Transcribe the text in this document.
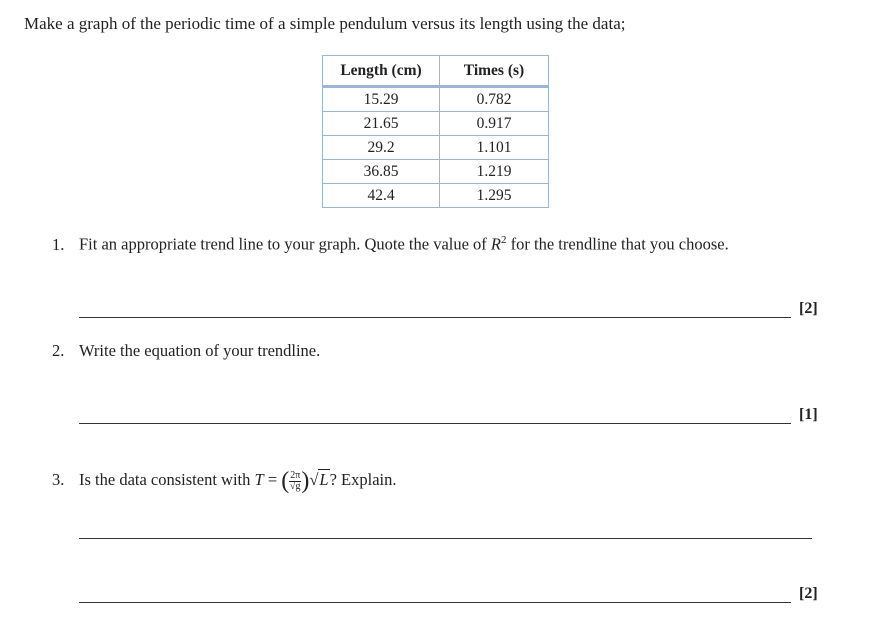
Make a graph of the periodic time of a simple pendulum versus its length using the data;
Length (cm)	Times (s)
15.29	0.782
21.65	0.917
29.2	1.101
36.85	1.219
42.4	1.295
1. Fit an appropriate trend line to your graph. Quote the value of $R^2$ for the trendline that you choose.
[2]
2. Write the equation of your trendline.
[1]
3. Is the data consistent with T = ( $\frac{2\pi}{√g} )√L$? Explain.
[2]
